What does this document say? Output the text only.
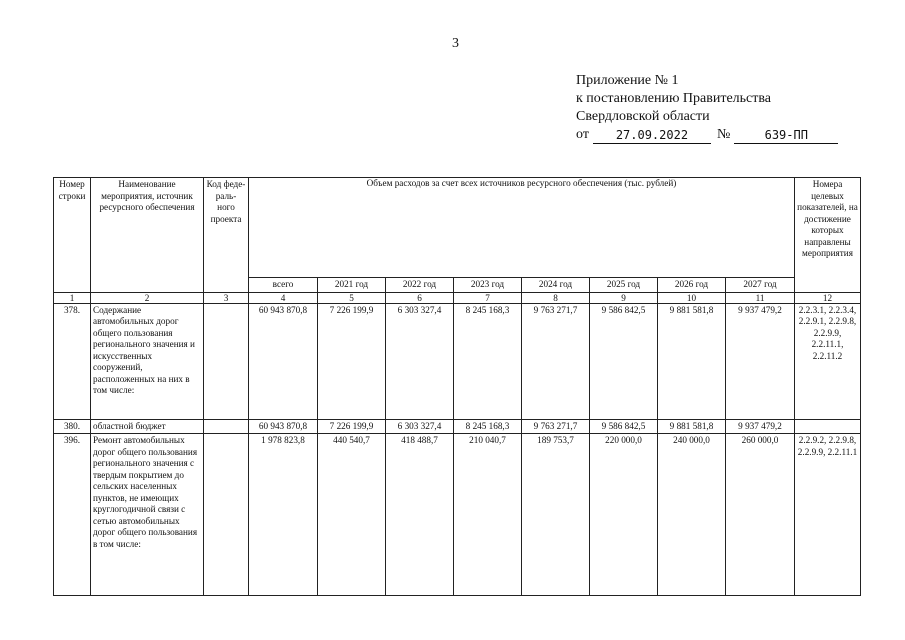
3
Приложение № 1
к постановлению Правительства
Свердловской области
от	27.09.2022	№	639-ПП
Номер строки	Наименование мероприятия, источник ресурсного обеспечения	Код феде- раль- ного проекта	Объем расходов за счет всех источников ресурсного обеспечения (тыс. рублей)								Номера целевых показателей, на достижение которых направлены мероприятия
			всего	2021 год	2022 год	2023 год	2024 год	2025 год	2026 год	2027 год	
1	2	3	4	5	6	7	8	9	10	11	12
378.	Содержание автомобильных дорог общего пользования регионального значения и искусственных сооружений, расположенных на них в том числе:		60 943 870,8	7 226 199,9	6 303 327,4	8 245 168,3	9 763 271,7	9 586 842,5	9 881 581,8	9 937 479,2	2.2.3.1, 2.2.3.4, 2.2.9.1, 2.2.9.8, 2.2.9.9, 2.2.11.1, 2.2.11.2
380.	областной бюджет		60 943 870,8	7 226 199,9	6 303 327,4	8 245 168,3	9 763 271,7	9 586 842,5	9 881 581,8	9 937 479,2	
396.	Ремонт автомобильных дорог общего пользования регионального значения с твердым покрытием до сельских населенных пунктов, не имеющих круглогодичной связи с сетью автомобильных дорог общего пользования в том числе:		1 978 823,8	440 540,7	418 488,7	210 040,7	189 753,7	220 000,0	240 000,0	260 000,0	2.2.9.2, 2.2.9.8, 2.2.9.9, 2.2.11.1
